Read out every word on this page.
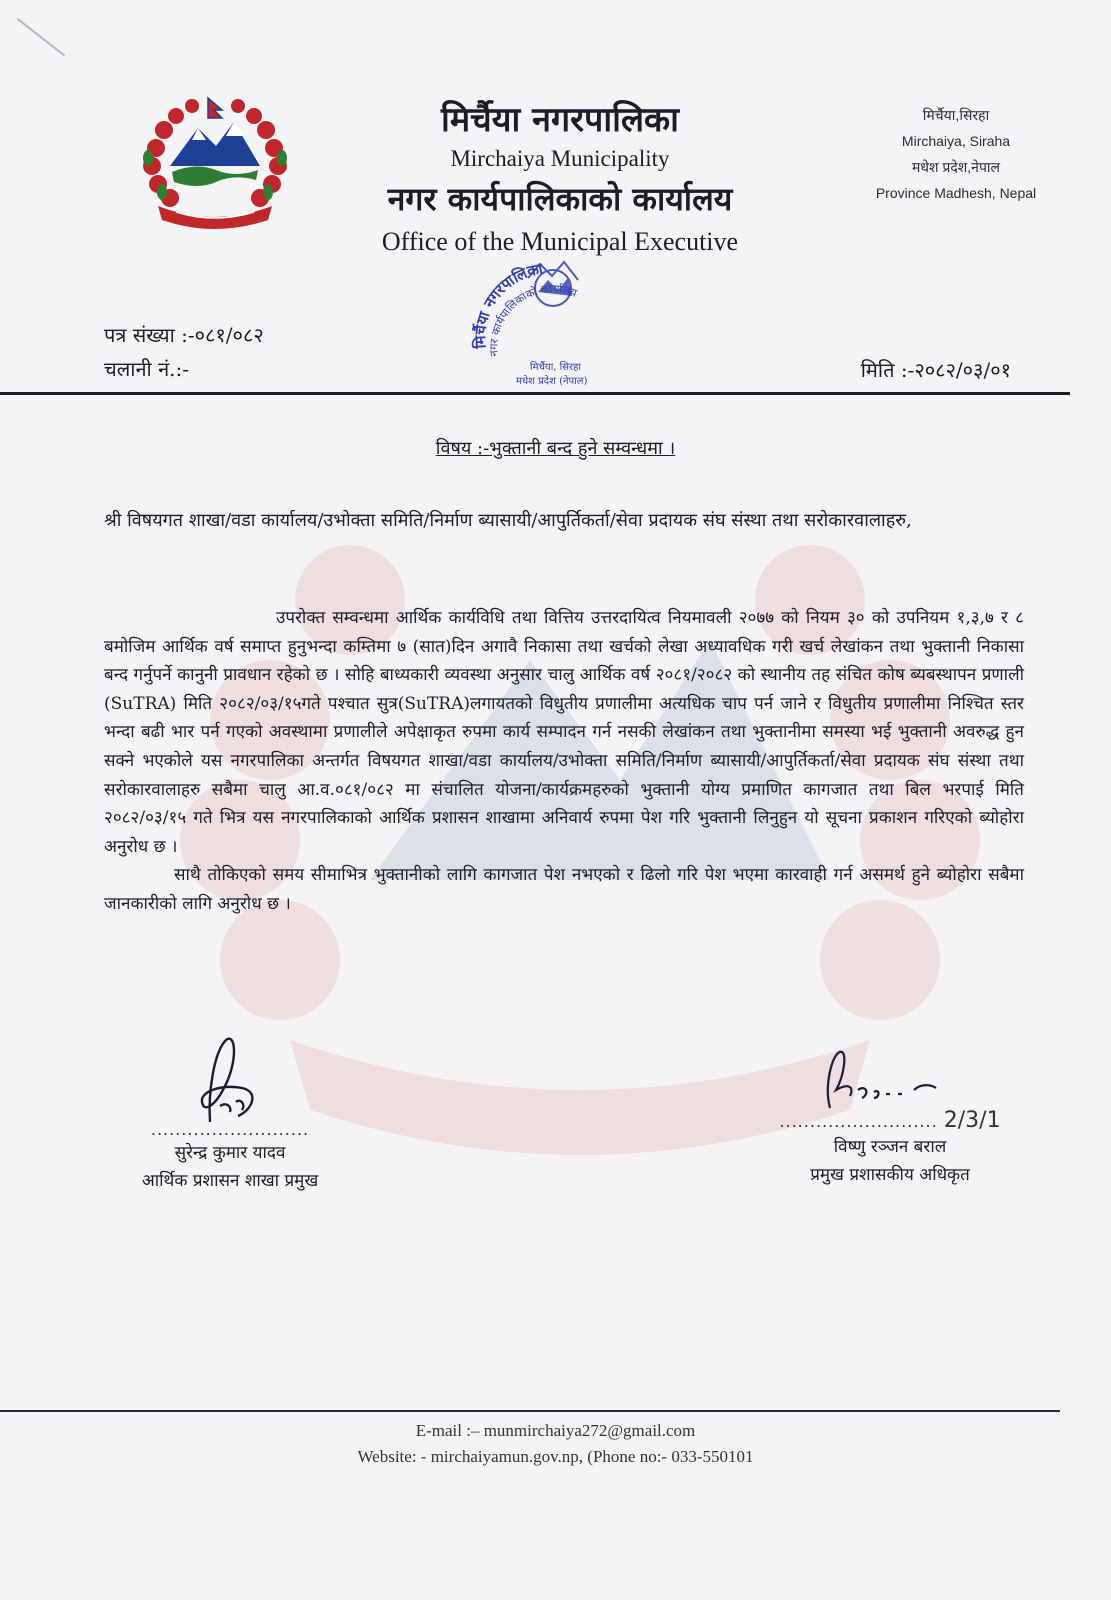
मिर्चैया नगरपालिका

Mirchaiya Municipality

नगर कार्यपालिकाको कार्यालय

Office of the Municipal Executive

मिर्चैया,सिरहा
Mirchaiya, Siraha
मधेश प्रदेश,नेपाल
Province Madhesh, Nepal
पत्र संख्या :-०८१/०८२
चलानी नं.:-	मिति :-२०८२/०३/०१
मिर्चैया नगरपालिका
नगर कार्यपालिकाको कार्यालय
मिर्चैया, सिरहा
मधेश प्रदेश (नेपाल)
विषय :-भुक्तानी बन्द हुने सम्वन्धमा ।
श्री विषयगत शाखा/वडा कार्यालय/उभोक्ता समिति/निर्माण ब्यासायी/आपुर्तिकर्ता/सेवा प्रदायक संघ संस्था तथा सरोकारवालाहरु,

उपरोक्त सम्वन्धमा आर्थिक कार्यविधि तथा वित्तिय उत्तरदायित्व नियमावली २०७७ को नियम ३० को उपनियम १,३,७ र ८ बमोजिम आर्थिक वर्ष समाप्त हुनुभन्दा कम्तिमा ७ (सात)दिन अगावै निकासा तथा खर्चको लेखा अध्यावधिक गरी खर्च लेखांकन तथा भुक्तानी निकासा बन्द गर्नुपर्ने कानुनी प्रावधान रहेको छ । सोहि बाध्यकारी व्यवस्था अनुसार चालु आर्थिक वर्ष २०८१/२०८२ को स्थानीय तह संचित कोष ब्यबस्थापन प्रणाली (SuTRA) मिति २०८२/०३/१५गते पश्चात सुत्र(SuTRA)लगायतको विधुतीय प्रणालीमा अत्यधिक चाप पर्न जाने र विधुतीय प्रणालीमा निश्चित स्तर भन्दा बढी भार पर्न गएको अवस्थामा प्रणालीले अपेक्षाकृत रुपमा कार्य सम्पादन गर्न नसकी लेखांकन तथा भुक्तानीमा समस्या भई भुक्तानी अवरुद्ध हुन सक्ने भएकोले यस नगरपालिका अन्तर्गत विषयगत शाखा/वडा कार्यालय/उभोक्ता समिति/निर्माण ब्यासायी/आपुर्तिकर्ता/सेवा प्रदायक संघ संस्था तथा सरोकारवालाहरु सबैमा चालु आ.व.०८१/०८२ मा संचालित योजना/कार्यक्रमहरुको भुक्तानी योग्य प्रमाणित कागजात तथा बिल भरपाई मिति २०८२/०३/१५ गते भित्र यस नगरपालिकाको आर्थिक प्रशासन शाखामा अनिवार्य रुपमा पेश गरि भुक्तानी लिनुहुन यो सूचना प्रकाशन गरिएको ब्योहोरा अनुरोध छ ।

साथै तोकिएको समय सीमाभित्र भुक्तानीको लागि कागजात पेश नभएको र ढिलो गरि पेश भएमा कारवाही गर्न असमर्थ हुने ब्योहोरा सबैमा जानकारीको लागि अनुरोध छ ।

..........................
सुरेन्द्र कुमार यादव
आर्थिक प्रशासन शाखा प्रमुख
.......................... 2/3/1
विष्णु रञ्जन बराल
प्रमुख प्रशासकीय अधिकृत
E-mail :– munmirchaiya272@gmail.com
Website: - mirchaiyamun.gov.np, (Phone no:- 033-550101
